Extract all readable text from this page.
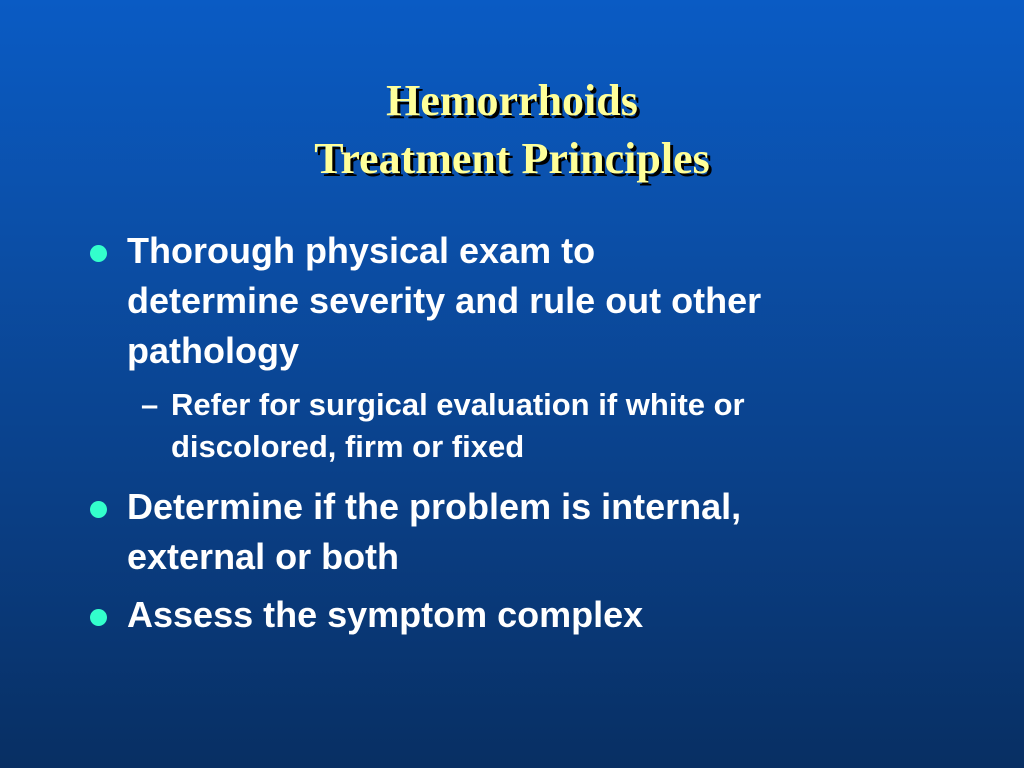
Hemorrhoids
Treatment Principles
Thorough physical exam to
determine severity and rule out other
pathology
– Refer for surgical evaluation if white or
discolored, firm or fixed
Determine if the problem is internal,
external or both
Assess the symptom complex
